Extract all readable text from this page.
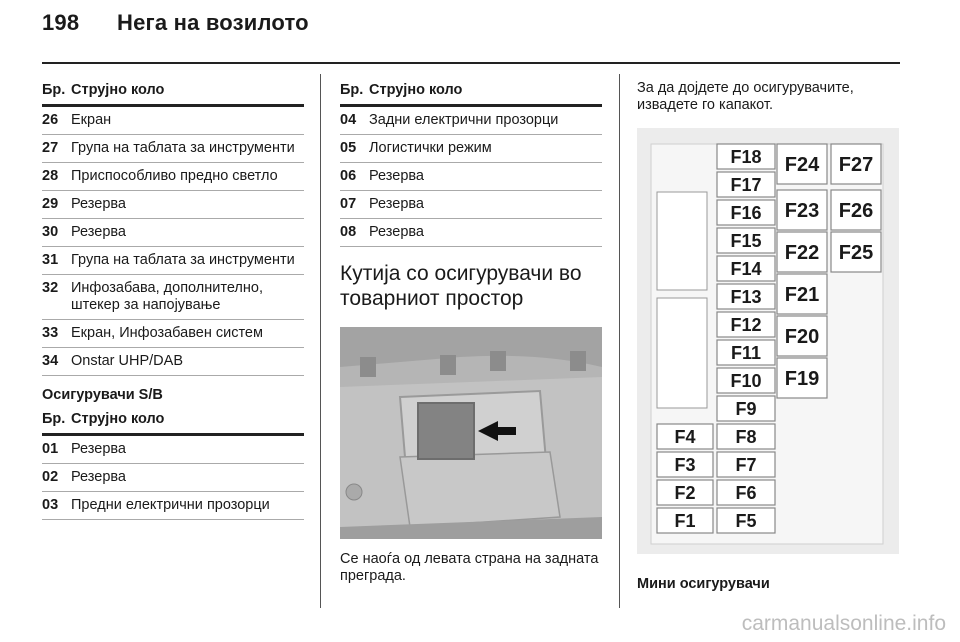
198 Нега на возилото
Бр. Струјно коло
26 Екран
27 Група на таблата за инструменти
28 Приспособливо предно светло
29 Резерва
30 Резерва
31 Група на таблата за инструменти
32 Инфозабава, дополнително, штекер за напојување
33 Екран, Инфозабавен систем
34 Onstar UHP/DAB
Осигурувачи S/B
Бр. Струјно коло
01 Резерва
02 Резерва
03 Предни електрични прозорци
Бр. Струјно коло
04 Задни електрични прозорци
05 Логистички режим
06 Резерва
07 Резерва
08 Резерва
Кутија со осигурувачи во товарниот простор
Се наоѓа од левата страна на задната преграда.
За да дојдете до осигурувачите, извадете го капакот.
F18
F17
F16
F15
F14
F13
F12
F11
F10
F9
F8
F7
F6
F5
F4
F3
F2
F1
F24
F23
F22
F21
F20
F19
F27
F26
F25
Мини осигурувачи
carmanualsonline.info
